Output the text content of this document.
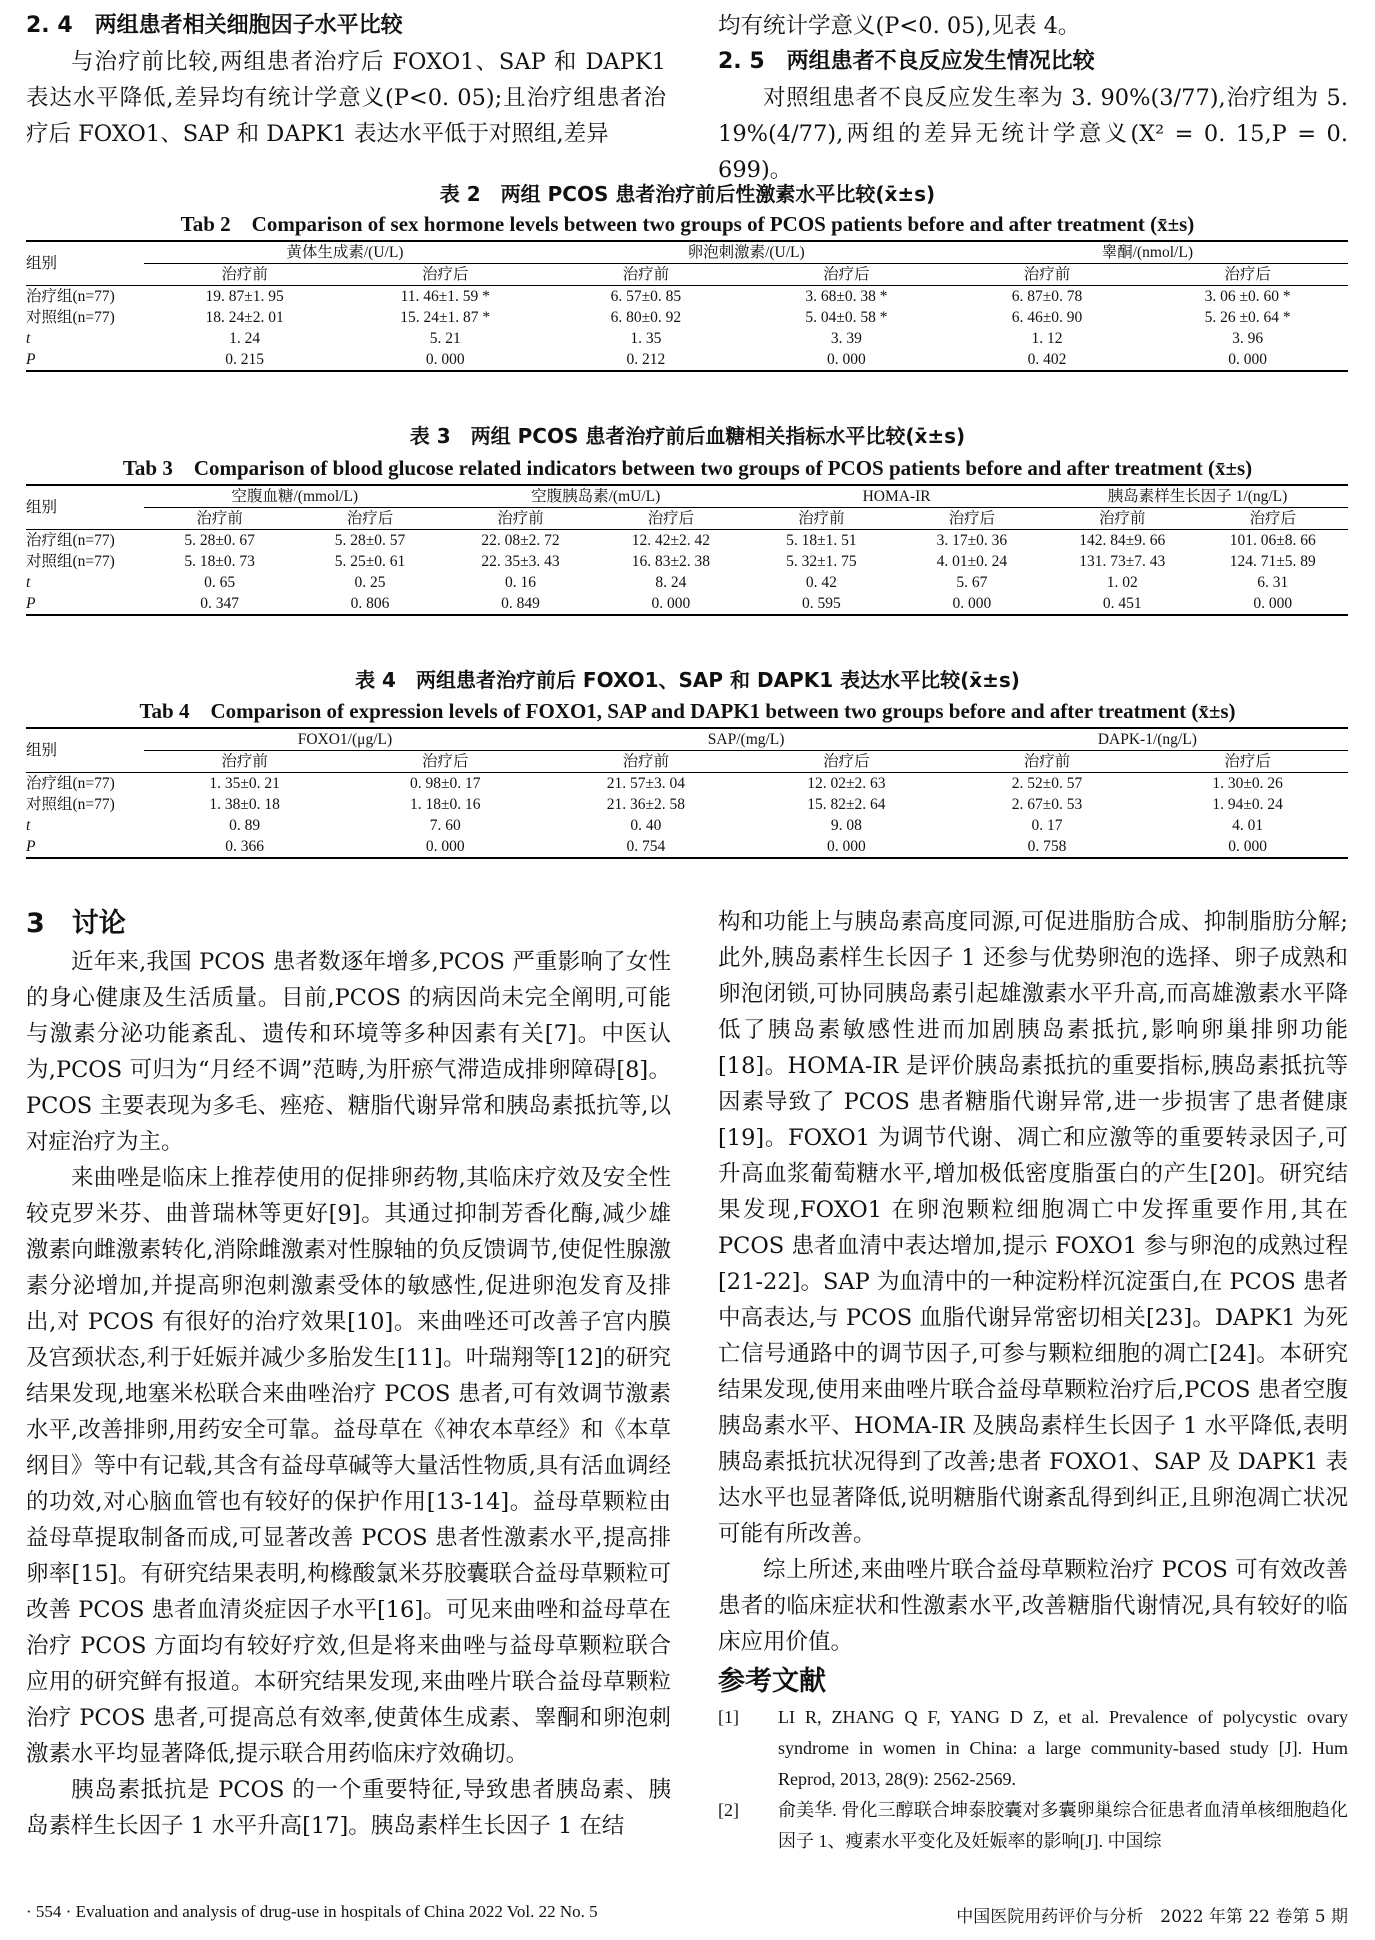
2. 4　两组患者相关细胞因子水平比较

与治疗前比较,两组患者治疗后 FOXO1、SAP 和 DAPK1 表达水平降低,差异均有统计学意义(P<0. 05);且治疗组患者治疗后 FOXO1、SAP 和 DAPK1 表达水平低于对照组,差异

均有统计学意义(P<0. 05),见表 4。

2. 5　两组患者不良反应发生情况比较

对照组患者不良反应发生率为 3. 90%(3/77),治疗组为 5. 19%(4/77),两组的差异无统计学意义(X² = 0. 15,P = 0. 699)。

表 2　两组 PCOS 患者治疗前后性激素水平比较(x̄±s)
Tab 2　Comparison of sex hormone levels between two groups of PCOS patients before and after treatment (x̄±s)
组别	黄体生成素/(U/L)		卵泡刺激素/(U/L)		睾酮/(nmol/L)	
	治疗前	治疗后	治疗前	治疗后	治疗前	治疗后
治疗组(n=77)	19. 87±1. 95	11. 46±1. 59 *	6. 57±0. 85	3. 68±0. 38 *	6. 87±0. 78	3. 06 ±0. 60 *
对照组(n=77)	18. 24±2. 01	15. 24±1. 87 *	6. 80±0. 92	5. 04±0. 58 *	6. 46±0. 90	5. 26 ±0. 64 *
t	1. 24	5. 21	1. 35	3. 39	1. 12	3. 96
P	0. 215	0. 000	0. 212	0. 000	0. 402	0. 000
表 3　两组 PCOS 患者治疗前后血糖相关指标水平比较(x̄±s)
Tab 3　Comparison of blood glucose related indicators between two groups of PCOS patients before and after treatment (x̄±s)
组别	空腹血糖/(mmol/L)		空腹胰岛素/(mU/L)		HOMA-IR		胰岛素样生长因子 1/(ng/L)	
	治疗前	治疗后	治疗前	治疗后	治疗前	治疗后	治疗前	治疗后
治疗组(n=77)	5. 28±0. 67	5. 28±0. 57	22. 08±2. 72	12. 42±2. 42	5. 18±1. 51	3. 17±0. 36	142. 84±9. 66	101. 06±8. 66
对照组(n=77)	5. 18±0. 73	5. 25±0. 61	22. 35±3. 43	16. 83±2. 38	5. 32±1. 75	4. 01±0. 24	131. 73±7. 43	124. 71±5. 89
t	0. 65	0. 25	0. 16	8. 24	0. 42	5. 67	1. 02	6. 31
P	0. 347	0. 806	0. 849	0. 000	0. 595	0. 000	0. 451	0. 000
表 4　两组患者治疗前后 FOXO1、SAP 和 DAPK1 表达水平比较(x̄±s)
Tab 4　Comparison of expression levels of FOXO1, SAP and DAPK1 between two groups before and after treatment (x̄±s)
组别	FOXO1/(μg/L)		SAP/(mg/L)		DAPK-1/(ng/L)	
	治疗前	治疗后	治疗前	治疗后	治疗前	治疗后
治疗组(n=77)	1. 35±0. 21	0. 98±0. 17	21. 57±3. 04	12. 02±2. 63	2. 52±0. 57	1. 30±0. 26
对照组(n=77)	1. 38±0. 18	1. 18±0. 16	21. 36±2. 58	15. 82±2. 64	2. 67±0. 53	1. 94±0. 24
t	0. 89	7. 60	0. 40	9. 08	0. 17	4. 01
P	0. 366	0. 000	0. 754	0. 000	0. 758	0. 000
3　讨论

近年来,我国 PCOS 患者数逐年增多,PCOS 严重影响了女性的身心健康及生活质量。目前,PCOS 的病因尚未完全阐明,可能与激素分泌功能紊乱、遗传和环境等多种因素有关[7]。中医认为,PCOS 可归为“月经不调”范畴,为肝瘀气滞造成排卵障碍[8]。PCOS 主要表现为多毛、痤疮、糖脂代谢异常和胰岛素抵抗等,以对症治疗为主。

来曲唑是临床上推荐使用的促排卵药物,其临床疗效及安全性较克罗米芬、曲普瑞林等更好[9]。其通过抑制芳香化酶,减少雄激素向雌激素转化,消除雌激素对性腺轴的负反馈调节,使促性腺激素分泌增加,并提高卵泡刺激素受体的敏感性,促进卵泡发育及排出,对 PCOS 有很好的治疗效果[10]。来曲唑还可改善子宫内膜及宫颈状态,利于妊娠并减少多胎发生[11]。叶瑞翔等[12]的研究结果发现,地塞米松联合来曲唑治疗 PCOS 患者,可有效调节激素水平,改善排卵,用药安全可靠。益母草在《神农本草经》和《本草纲目》等中有记载,其含有益母草碱等大量活性物质,具有活血调经的功效,对心脑血管也有较好的保护作用[13-14]。益母草颗粒由益母草提取制备而成,可显著改善 PCOS 患者性激素水平,提高排卵率[15]。有研究结果表明,枸橼酸氯米芬胶囊联合益母草颗粒可改善 PCOS 患者血清炎症因子水平[16]。可见来曲唑和益母草在治疗 PCOS 方面均有较好疗效,但是将来曲唑与益母草颗粒联合应用的研究鲜有报道。本研究结果发现,来曲唑片联合益母草颗粒治疗 PCOS 患者,可提高总有效率,使黄体生成素、睾酮和卵泡刺激素水平均显著降低,提示联合用药临床疗效确切。

胰岛素抵抗是 PCOS 的一个重要特征,导致患者胰岛素、胰岛素样生长因子 1 水平升高[17]。胰岛素样生长因子 1 在结

构和功能上与胰岛素高度同源,可促进脂肪合成、抑制脂肪分解;此外,胰岛素样生长因子 1 还参与优势卵泡的选择、卵子成熟和卵泡闭锁,可协同胰岛素引起雄激素水平升高,而高雄激素水平降低了胰岛素敏感性进而加剧胰岛素抵抗,影响卵巢排卵功能[18]。HOMA-IR 是评价胰岛素抵抗的重要指标,胰岛素抵抗等因素导致了 PCOS 患者糖脂代谢异常,进一步损害了患者健康[19]。FOXO1 为调节代谢、凋亡和应激等的重要转录因子,可升高血浆葡萄糖水平,增加极低密度脂蛋白的产生[20]。研究结果发现,FOXO1 在卵泡颗粒细胞凋亡中发挥重要作用,其在 PCOS 患者血清中表达增加,提示 FOXO1 参与卵泡的成熟过程[21-22]。SAP 为血清中的一种淀粉样沉淀蛋白,在 PCOS 患者中高表达,与 PCOS 血脂代谢异常密切相关[23]。DAPK1 为死亡信号通路中的调节因子,可参与颗粒细胞的凋亡[24]。本研究结果发现,使用来曲唑片联合益母草颗粒治疗后,PCOS 患者空腹胰岛素水平、HOMA-IR 及胰岛素样生长因子 1 水平降低,表明胰岛素抵抗状况得到了改善;患者 FOXO1、SAP 及 DAPK1 表达水平也显著降低,说明糖脂代谢紊乱得到纠正,且卵泡凋亡状况可能有所改善。

综上所述,来曲唑片联合益母草颗粒治疗 PCOS 可有效改善患者的临床症状和性激素水平,改善糖脂代谢情况,具有较好的临床应用价值。

参考文献
[1] LI R, ZHANG Q F, YANG D Z, et al. Prevalence of polycystic ovary syndrome in women in China: a large community-based study [J]. Hum Reprod, 2013, 28(9): 2562-2569.
[2] 俞美华. 骨化三醇联合坤泰胶囊对多囊卵巢综合征患者血清单核细胞趋化因子 1、瘦素水平变化及妊娠率的影响[J]. 中国综
· 554 · Evaluation and analysis of drug-use in hospitals of China 2022 Vol. 22 No. 5	中国医院用药评价与分析　2022 年第 22 卷第 5 期
